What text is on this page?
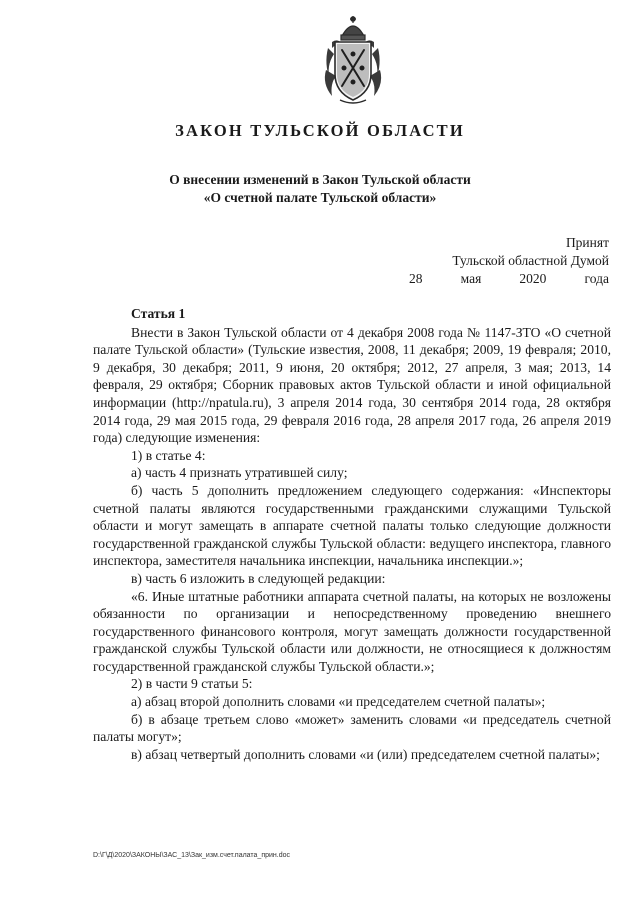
ЗАКОН ТУЛЬСКОЙ ОБЛАСТИ
О внесении изменений в Закон Тульской области
«О счетной палате Тульской области»
Принят
Тульской областной Думой
28	мая	2020	года

Статья 1

Внести в Закон Тульской области от 4 декабря 2008 года № 1147-ЗТО «О счетной палате Тульской области» (Тульские известия, 2008, 11 декабря; 2009, 19 февраля; 2010, 9 декабря, 30 декабря; 2011, 9 июня, 20 октября; 2012, 27 апреля, 3 мая; 2013, 14 февраля, 29 октября; Сборник правовых актов Тульской области и иной официальной информации (http://npatula.ru), 3 апреля 2014 года, 30 сентября 2014 года, 28 октября 2014 года, 29 мая 2015 года, 29 февраля 2016 года, 28 апреля 2017 года, 26 апреля 2019 года) следующие изменения:

1) в статье 4:

а) часть 4 признать утратившей силу;

б) часть 5 дополнить предложением следующего содержания: «Инспекторы счетной палаты являются государственными гражданскими служащими Тульской области и могут замещать в аппарате счетной палаты только следующие должности государственной гражданской службы Тульской области: ведущего инспектора, главного инспектора, заместителя начальника инспекции, начальника инспекции.»;

в) часть 6 изложить в следующей редакции:

«6. Иные штатные работники аппарата счетной палаты, на которых не возложены обязанности по организации и непосредственному проведению внешнего государственного финансового контроля, могут замещать должности государственной гражданской службы Тульской области или должности, не относящиеся к должностям государственной гражданской службы Тульской области.»;

2) в части 9 статьи 5:

а) абзац второй дополнить словами «и председателем счетной палаты»;

б) в абзаце третьем слово «может» заменить словами «и председатель счетной палаты могут»;

в) абзац четвертый дополнить словами «и (или) председателем счетной палаты»;

D:\Г\Д\2020\ЗАКОНЫ\ЗАС_13\Зак_изм.счет.палата_прин.doc
